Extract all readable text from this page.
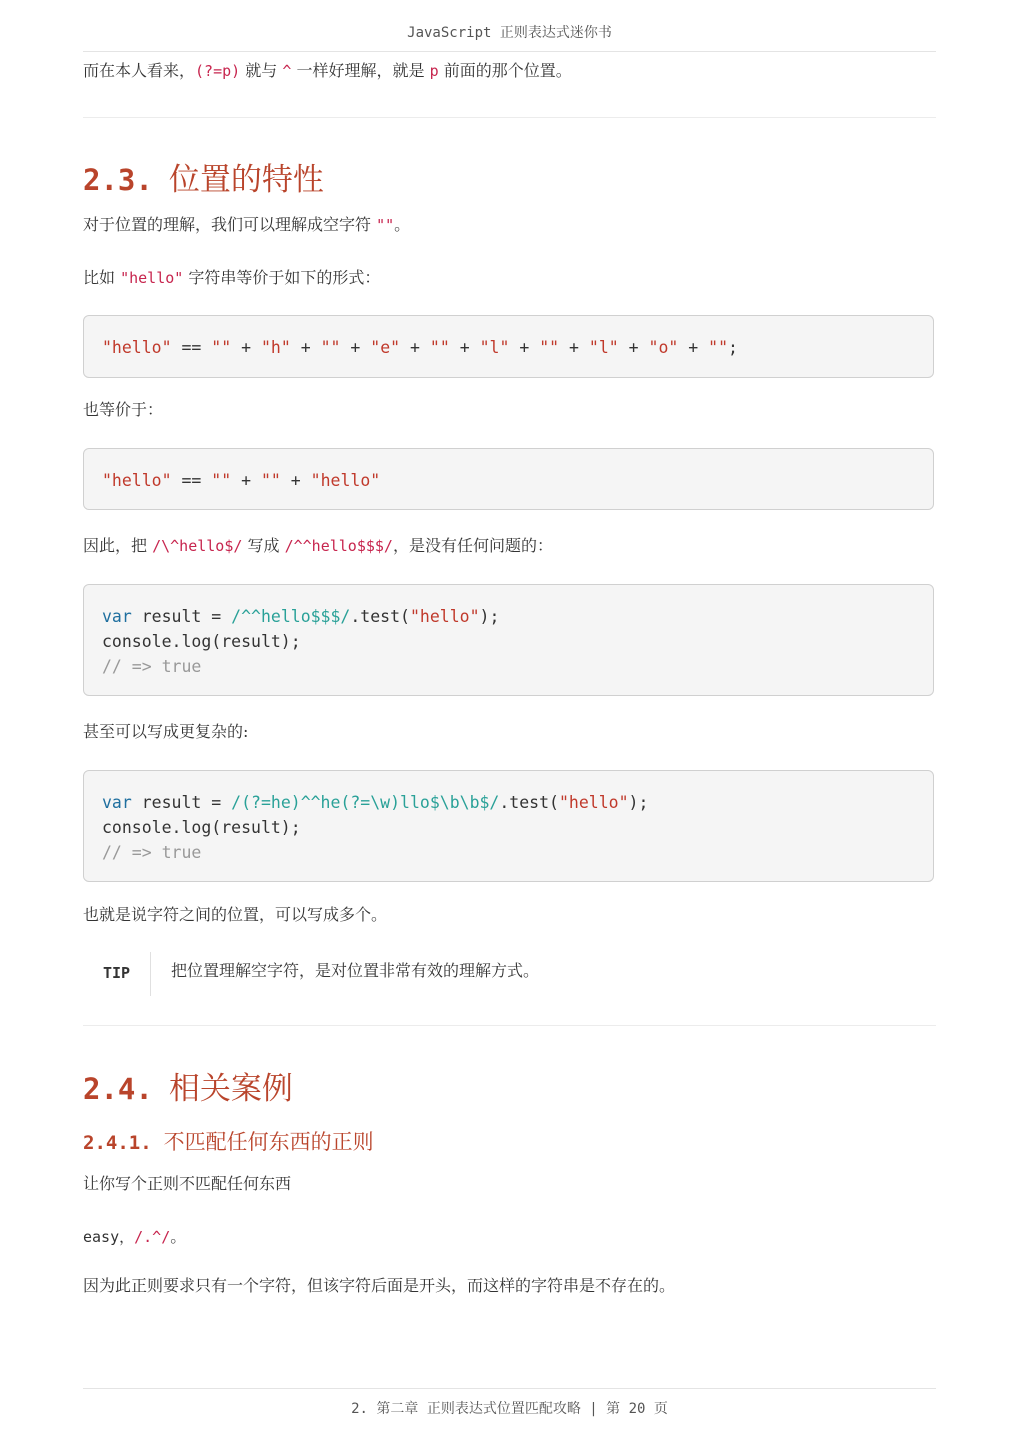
JavaScript 正则表达式迷你书
而在本人看来，(?=p) 就与 ^ 一样好理解，就是 p 前面的那个位置。
2.3. 位置的特性
对于位置的理解，我们可以理解成空字符 ""。
比如 "hello" 字符串等价于如下的形式：
"hello" == "" + "h" + "" + "e" + "" + "l" + "" + "l" + "o" + "";
也等价于：
"hello" == "" + "" + "hello"
因此，把 /\^hello$/ 写成 /^^hello$$$/，是没有任何问题的：
var result = /^^hello$$$/.test("hello");
console.log(result);
// => true
甚至可以写成更复杂的:
var result = /(?=he)^^he(?=\w)llo$\b\b$/.test("hello");
console.log(result);
// => true
也就是说字符之间的位置，可以写成多个。
TIP	把位置理解空字符，是对位置非常有效的理解方式。
2.4. 相关案例
2.4.1. 不匹配任何东西的正则
让你写个正则不匹配任何东西
easy，/.^/。
因为此正则要求只有一个字符，但该字符后面是开头，而这样的字符串是不存在的。
2. 第二章 正则表达式位置匹配攻略 | 第 20 页
